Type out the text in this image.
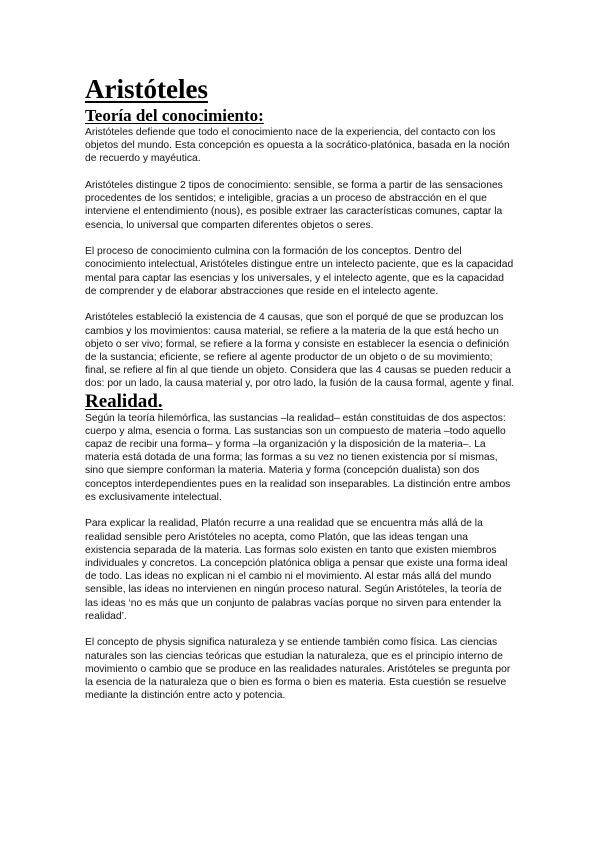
Aristóteles
Teoría del conocimiento:

Aristóteles defiende que todo el conocimiento nace de la experiencia, del contacto con los objetos del mundo. Esta concepción es opuesta a la socrático-platónica, basada en la noción de recuerdo y mayéutica.

Aristóteles distingue 2 tipos de conocimiento: sensible, se forma a partir de las sensaciones procedentes de los sentidos; e inteligible, gracias a un proceso de abstracción en el que interviene el entendimiento (nous), es posible extraer las características comunes, captar la esencia, lo universal que comparten diferentes objetos o seres.

El proceso de conocimiento culmina con la formación de los conceptos. Dentro del conocimiento intelectual, Aristóteles distingue entre un intelecto paciente, que es la capacidad mental para captar las esencias y los universales, y el intelecto agente, que es la capacidad de comprender y de elaborar abstracciones que reside en el intelecto agente.

Aristóteles estableció la existencia de 4 causas, que son el porqué de que se produzcan los cambios y los movimientos: causa material, se refiere a la materia de la que está hecho un objeto o ser vivo; formal, se refiere a la forma y consiste en establecer la esencia o definición de la sustancia; eficiente, se refiere al agente productor de un objeto o de su movimiento; final, se refiere al fin al que tiende un objeto. Considera que las 4 causas se pueden reducir a dos: por un lado, la causa material y, por otro lado, la fusión de la causa formal, agente y final.

Realidad.

Según la teoría hilemórfica, las sustancias –la realidad– están constituidas de dos aspectos: cuerpo y alma, esencia o forma. Las sustancias son un compuesto de materia –todo aquello capaz de recibir una forma– y forma –la organización y la disposición de la materia–. La materia está dotada de una forma; las formas a su vez no tienen existencia por sí mismas, sino que siempre conforman la materia. Materia y forma (concepción dualista) son dos conceptos interdependientes pues en la realidad son inseparables. La distinción entre ambos es exclusivamente intelectual.

Para explicar la realidad, Platón recurre a una realidad que se encuentra más allá de la realidad sensible pero Aristóteles no acepta, como Platón, que las ideas tengan una existencia separada de la materia. Las formas solo existen en tanto que existen miembros individuales y concretos. La concepción platónica obliga a pensar que existe una forma ideal de todo. Las ideas no explican ni el cambio ni el movimiento. Al estar más allá del mundo sensible, las ideas no intervienen en ningún proceso natural. Según Aristóteles, la teoría de las ideas ‘no es más que un conjunto de palabras vacías porque no sirven para entender la realidad’.

El concepto de physis significa naturaleza y se entiende también como física. Las ciencias naturales son las ciencias teóricas que estudian la naturaleza, que es el principio interno de movimiento o cambio que se produce en las realidades naturales. Aristóteles se pregunta por la esencia de la naturaleza que o bien es forma o bien es materia. Esta cuestión se resuelve mediante la distinción entre acto y potencia.
